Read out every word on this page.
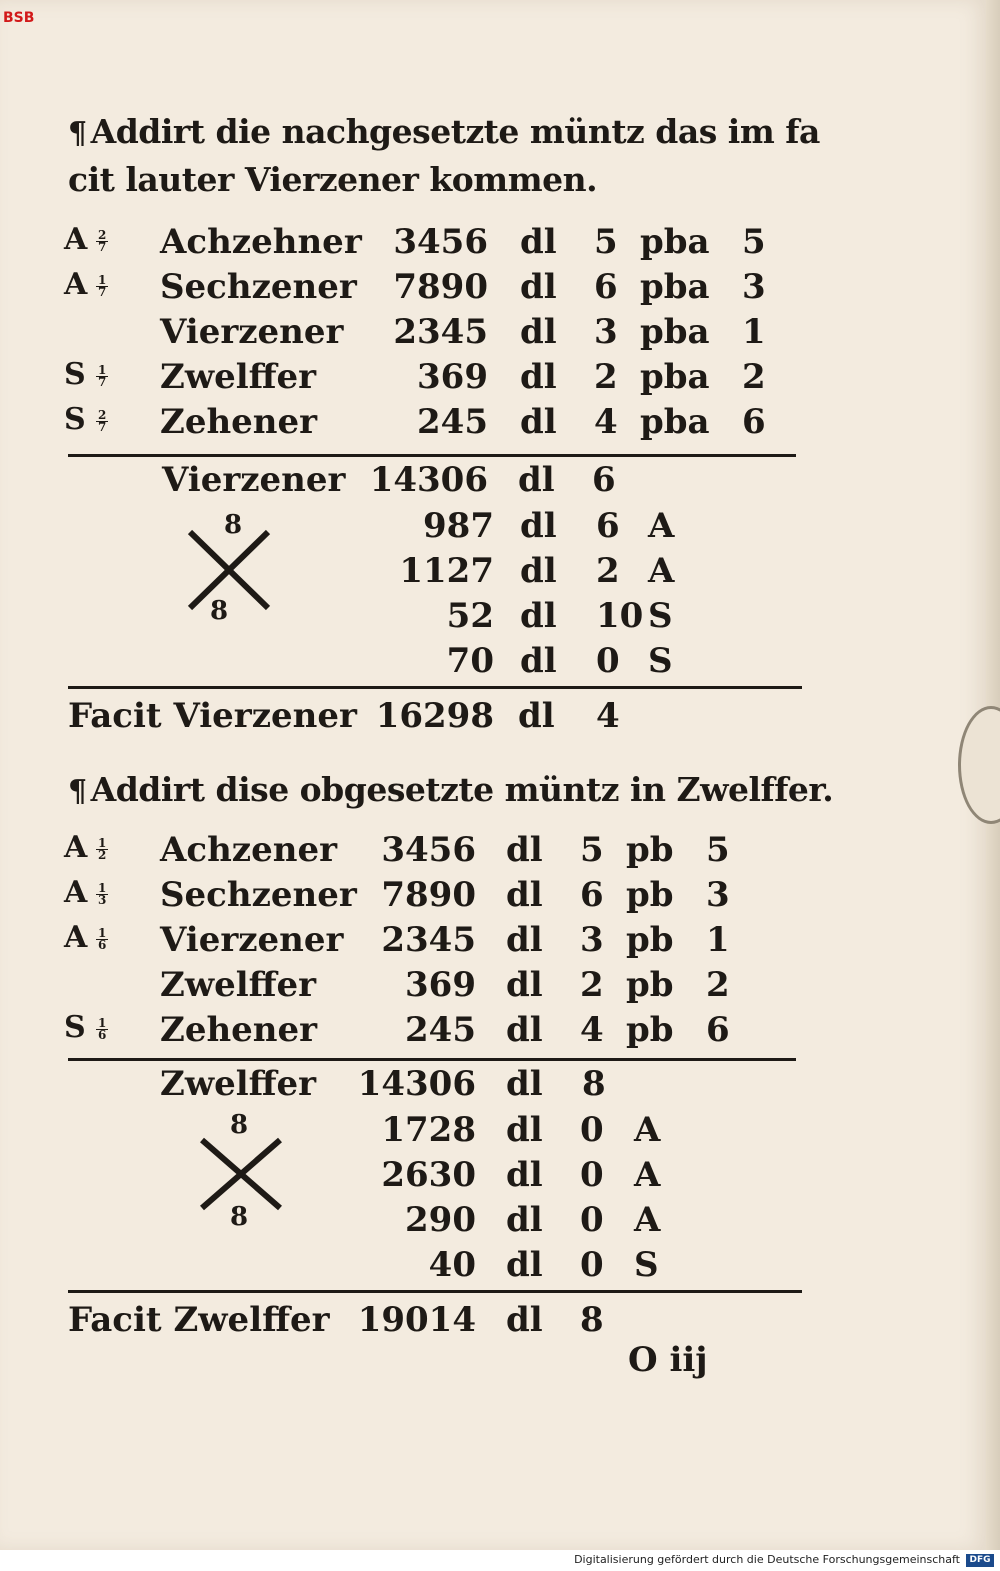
BSB
¶ Addirt die nachgesetzte müntz das im fa
cit lauter Vierzener kommen.
A $\frac{2}{7}$ Achzehner 3456 dl 5 pba 5
A $\frac{1}{7}$ Sechzener	7890 dl 6 pba 3
Vierzener	2345 dl 3 pba 1
S $\frac{1}{7}$ Zwelffer	369 dl 2 pba 2
S $\frac{2}{7}$ Zehener	245 dl 4 pba 6
Vierzener 14306 dl 6
8
8
987 dl 6 A
1127 dl 2 A
52 dl 10 S
70 dl 0 S
Facit Vierzener 16298 dl 4
¶ Addirt dise obgesetzte müntz in Zwelffer.
A $\frac{1}{2}$ Achzener	3456 dl 5 pb 5
A $\frac{1}{3}$ Sechzener 7890 dl 6 pb 3
A $\frac{1}{6}$ Vierzener	2345 dl 3 pb 1
Zwelffer	369 dl 2 pb 2
S $\frac{1}{6}$ Zehener	245 dl 4 pb 6
Zwelffer	14306 dl 8
8
8
1728 dl 0 A
2630 dl 0 A
290 dl 0 A
40 dl 0 S
Facit Zwelffer 19014 dl 8
O iij
Digitalisierung gefördert durch die Deutsche Forschungsgemeinschaft	DFG
